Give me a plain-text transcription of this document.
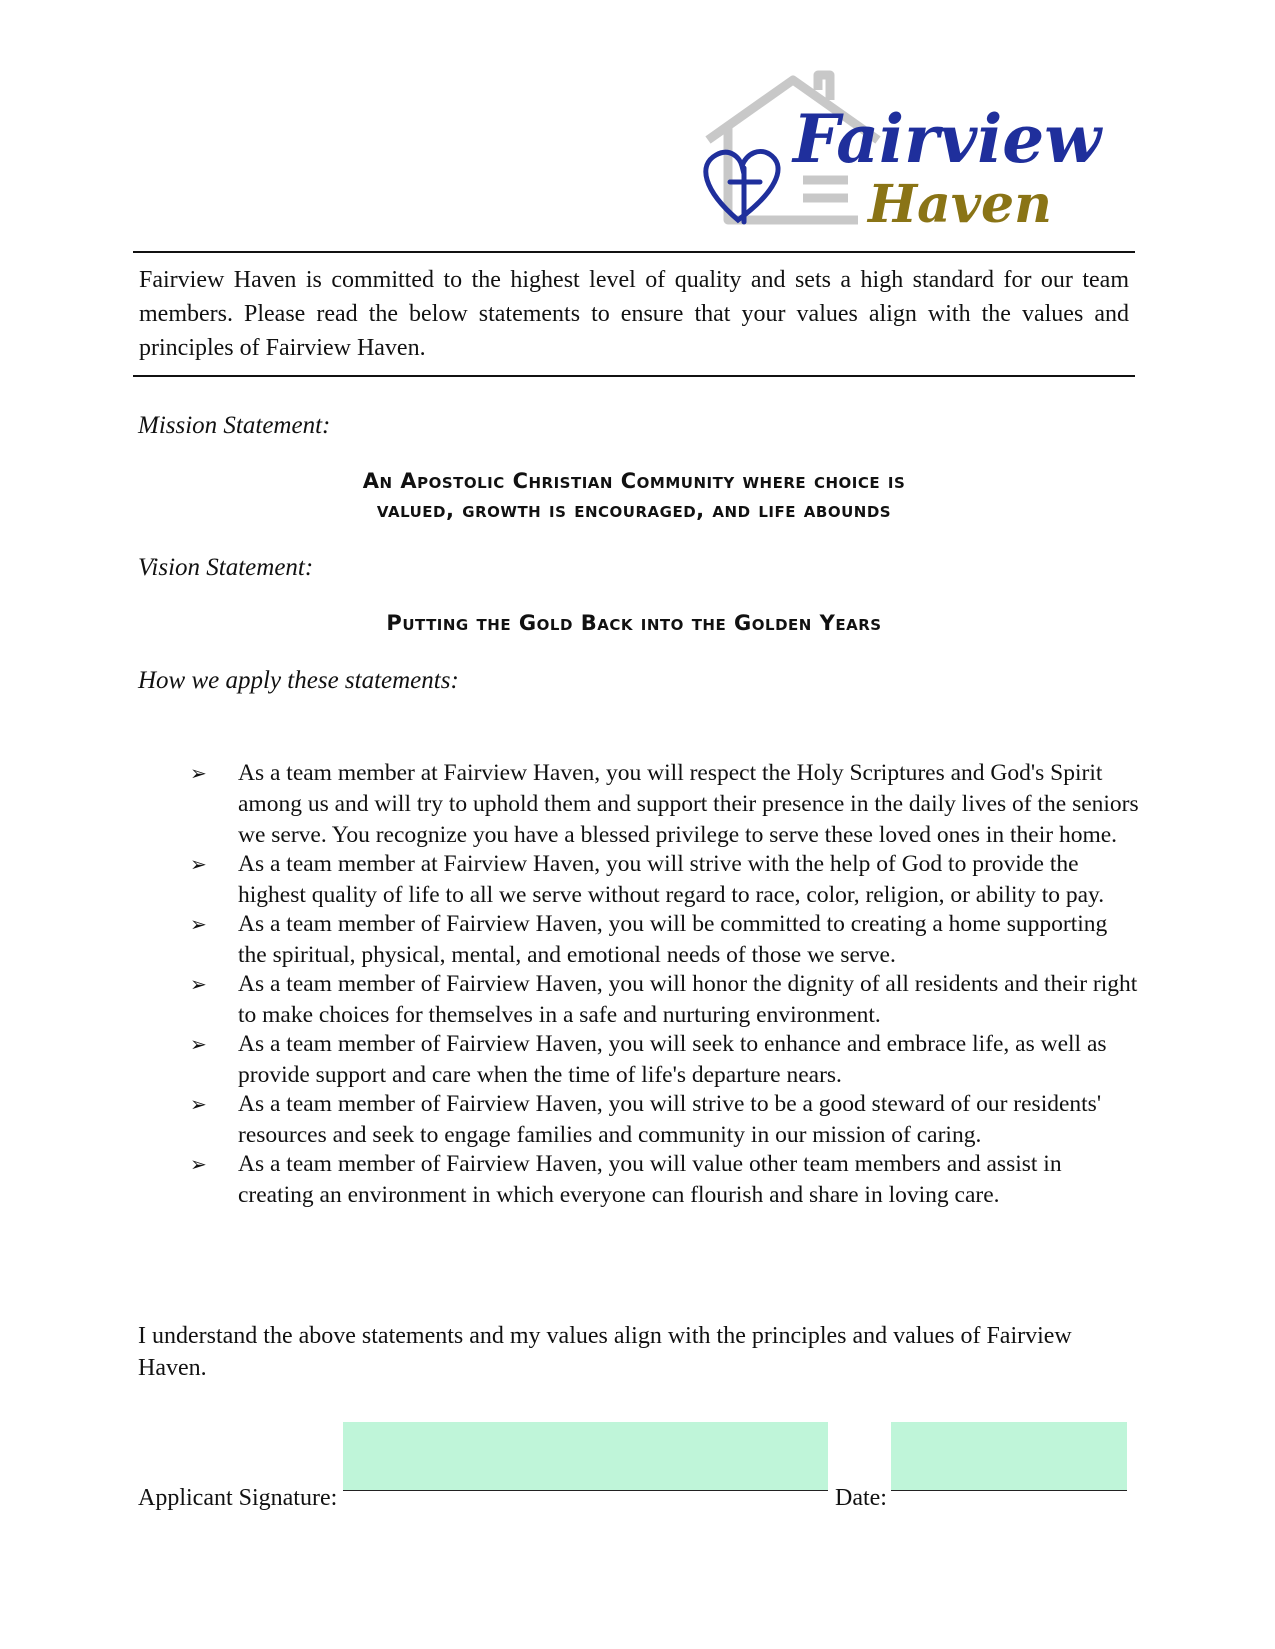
Fairview
Haven
Fairview Haven is committed to the highest level of quality and sets a high standard for our team members. Please read the below statements to ensure that your values align with the values and principles of Fairview Haven.
Mission Statement:
An Apostolic Christian Community where choice is
valued, growth is encouraged, and life abounds
Vision Statement:
Putting the Gold Back into the Golden Years
How we apply these statements:
➢ As a team member at Fairview Haven, you will respect the Holy Scriptures and God's Spirit among us and will try to uphold them and support their presence in the daily lives of the seniors we serve. You recognize you have a blessed privilege to serve these loved ones in their home.
➢ As a team member at Fairview Haven, you will strive with the help of God to provide the highest quality of life to all we serve without regard to race, color, religion, or ability to pay.
➢ As a team member of Fairview Haven, you will be committed to creating a home supporting the spiritual, physical, mental, and emotional needs of those we serve.
➢ As a team member of Fairview Haven, you will honor the dignity of all residents and their right to make choices for themselves in a safe and nurturing environment.
➢ As a team member of Fairview Haven, you will seek to enhance and embrace life, as well as provide support and care when the time of life's departure nears.
➢ As a team member of Fairview Haven, you will strive to be a good steward of our residents' resources and seek to engage families and community in our mission of caring.
➢ As a team member of Fairview Haven, you will value other team members and assist in creating an environment in which everyone can flourish and share in loving care.
I understand the above statements and my values align with the principles and values of Fairview Haven.
Applicant Signature:	Date:
